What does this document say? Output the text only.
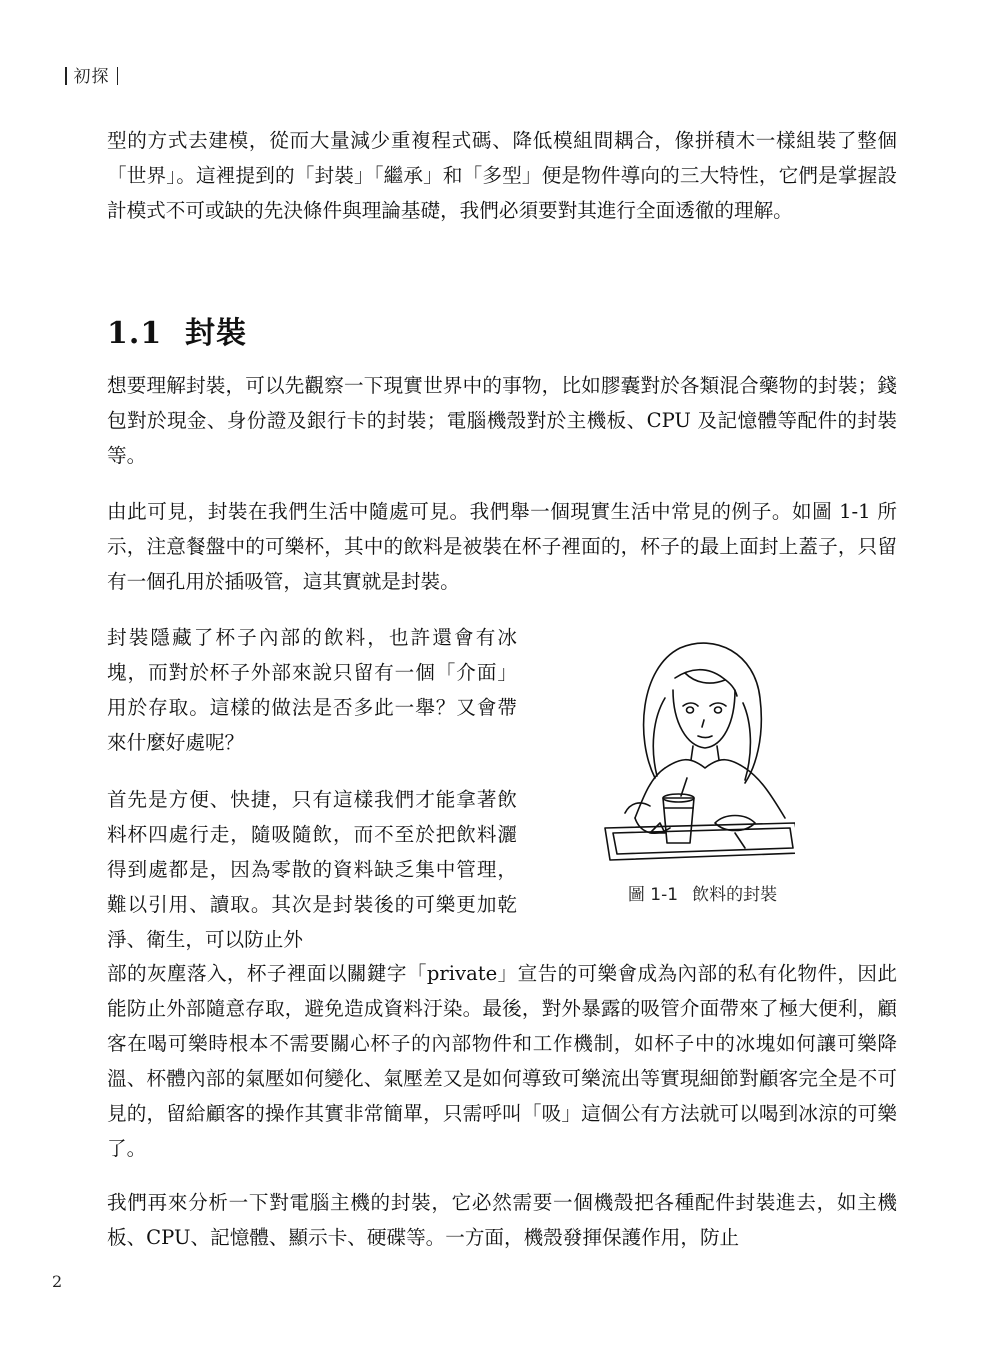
初探

型的方式去建模，從而大量減少重複程式碼、降低模組間耦合，像拼積木一樣組裝了整個「世界」。這裡提到的「封裝」「繼承」和「多型」便是物件導向的三大特性，它們是掌握設計模式不可或缺的先決條件與理論基礎，我們必須要對其進行全面透徹的理解。

1.1 封裝

想要理解封裝，可以先觀察一下現實世界中的事物，比如膠囊對於各類混合藥物的封裝；錢包對於現金、身份證及銀行卡的封裝；電腦機殼對於主機板、CPU 及記憶體等配件的封裝等。

由此可見，封裝在我們生活中隨處可見。我們舉一個現實生活中常見的例子。如圖 1-1 所示，注意餐盤中的可樂杯，其中的飲料是被裝在杯子裡面的，杯子的最上面封上蓋子，只留有一個孔用於插吸管，這其實就是封裝。

封裝隱藏了杯子內部的飲料，也許還會有冰塊，而對於杯子外部來說只留有一個「介面」用於存取。這樣的做法是否多此一舉？又會帶來什麼好處呢？

首先是方便、快捷，只有這樣我們才能拿著飲料杯四處行走，隨吸隨飲，而不至於把飲料灑得到處都是，因為零散的資料缺乏集中管理，難以引用、讀取。其次是封裝後的可樂更加乾淨、衛生，可以防止外

部的灰塵落入，杯子裡面以關鍵字「private」宣告的可樂會成為內部的私有化物件，因此能防止外部隨意存取，避免造成資料汙染。最後，對外暴露的吸管介面帶來了極大便利，顧客在喝可樂時根本不需要關心杯子的內部物件和工作機制，如杯子中的冰塊如何讓可樂降溫、杯體內部的氣壓如何變化、氣壓差又是如何導致可樂流出等實現細節對顧客完全是不可見的，留給顧客的操作其實非常簡單，只需呼叫「吸」這個公有方法就可以喝到冰涼的可樂了。

我們再來分析一下對電腦主機的封裝，它必然需要一個機殼把各種配件封裝進去，如主機板、CPU、記憶體、顯示卡、硬碟等。一方面，機殼發揮保護作用，防止

圖 1-1 飲料的封裝
2
